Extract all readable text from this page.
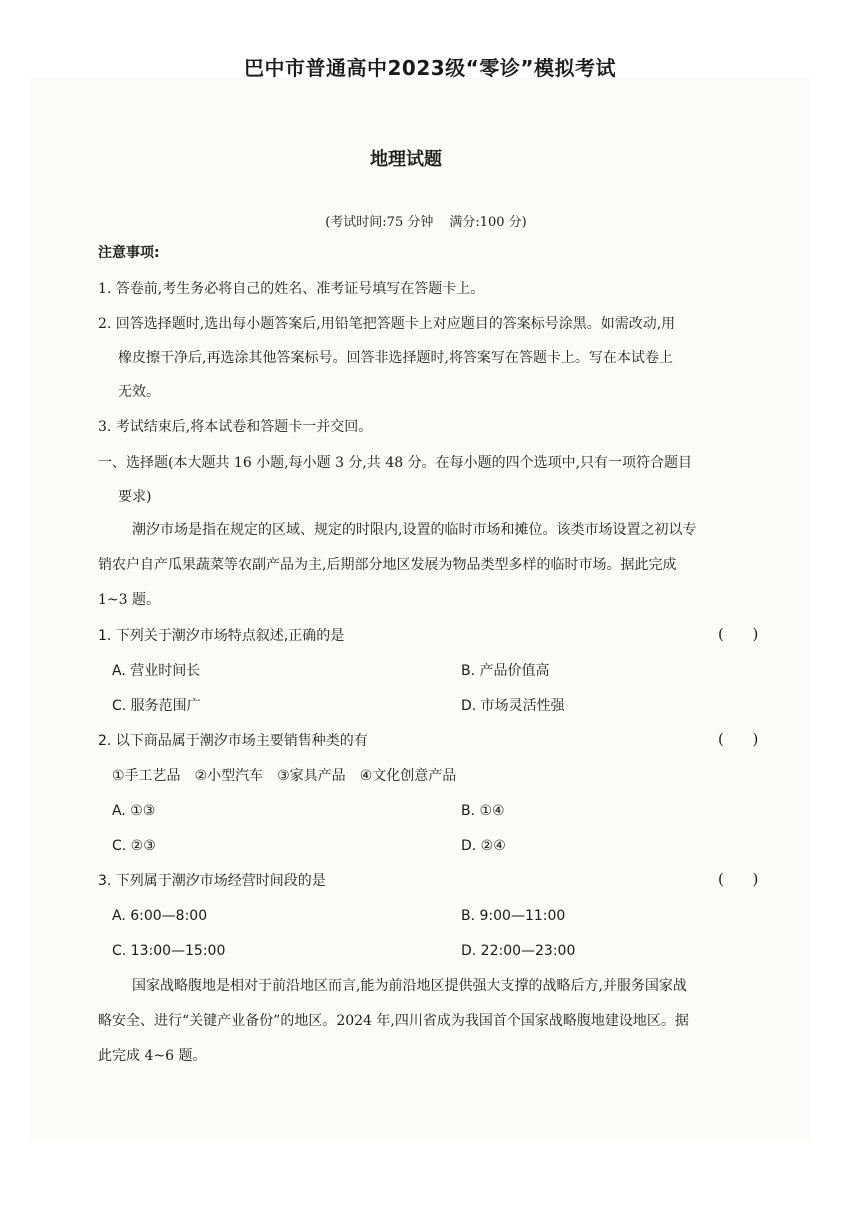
巴中市普通高中2023级“零诊”模拟考试
地理试题
(考试时间:75 分钟 满分:100 分)
注意事项:
1. 答卷前,考生务必将自己的姓名、准考证号填写在答题卡上。
2. 回答选择题时,选出每小题答案后,用铅笔把答题卡上对应题目的答案标号涂黑。如需改动,用
橡皮擦干净后,再选涂其他答案标号。回答非选择题时,将答案写在答题卡上。写在本试卷上
无效。
3. 考试结束后,将本试卷和答题卡一并交回。
一、选择题(本大题共 16 小题,每小题 3 分,共 48 分。在每小题的四个选项中,只有一项符合题目
要求)
潮汐市场是指在规定的区域、规定的时限内,设置的临时市场和摊位。该类市场设置之初以专
销农户自产瓜果蔬菜等农副产品为主,后期部分地区发展为物品类型多样的临时市场。据此完成
1~3 题。
1. 下列关于潮汐市场特点叙述,正确的是	(      )
A. 营业时间长	B. 产品价值高
C. 服务范围广	D. 市场灵活性强
2. 以下商品属于潮汐市场主要销售种类的有	(      )
①手工艺品 ②小型汽车 ③家具产品 ④文化创意产品
A. ①③	B. ①④
C. ②③	D. ②④
3. 下列属于潮汐市场经营时间段的是	(      )
A. 6:00—8:00	B. 9:00—11:00
C. 13:00—15:00	D. 22:00—23:00
国家战略腹地是相对于前沿地区而言,能为前沿地区提供强大支撑的战略后方,并服务国家战
略安全、进行“关键产业备份”的地区。2024 年,四川省成为我国首个国家战略腹地建设地区。据
此完成 4~6 题。
